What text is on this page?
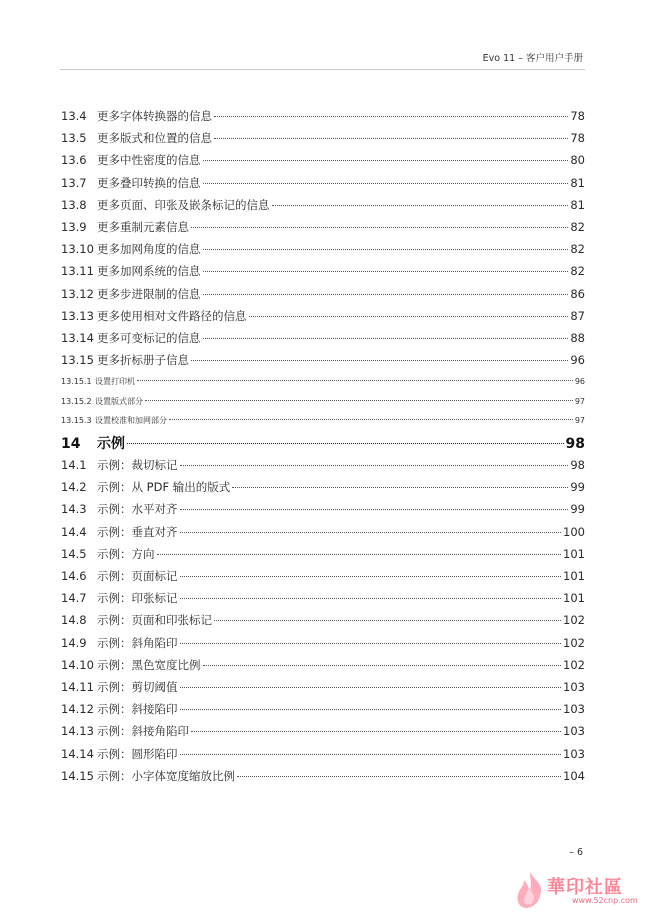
Evo 11 – 客户用户手册
13.4 更多字体转换器的信息	78
13.5 更多版式和位置的信息	78
13.6 更多中性密度的信息	80
13.7 更多叠印转换的信息	81
13.8 更多页面、印张及嵌条标记的信息	81
13.9 更多重制元素信息	82
13.10 更多加网角度的信息	82
13.11 更多加网系统的信息	82
13.12 更多步进限制的信息	86
13.13 更多使用相对文件路径的信息	87
13.14 更多可变标记的信息	88
13.15 更多折标册子信息	96
13.15.1 设置打印机	96
13.15.2 设置版式部分	97
13.15.3 设置校准和加网部分	97
14	示例	98
14.1 示例：裁切标记	98
14.2 示例：从 PDF 输出的版式	99
14.3 示例：水平对齐	99
14.4 示例：垂直对齐	100
14.5 示例：方向	101
14.6 示例：页面标记	101
14.7 示例：印张标记	101
14.8 示例：页面和印张标记	102
14.9 示例：斜角陷印	102
14.10 示例：黑色宽度比例	102
14.11 示例：剪切阈值	103
14.12 示例：斜接陷印	103
14.13 示例：斜接角陷印	103
14.14 示例：圆形陷印	103
14.15 示例：小字体宽度缩放比例	104
– 6
華印社區
www.52cnp.com
